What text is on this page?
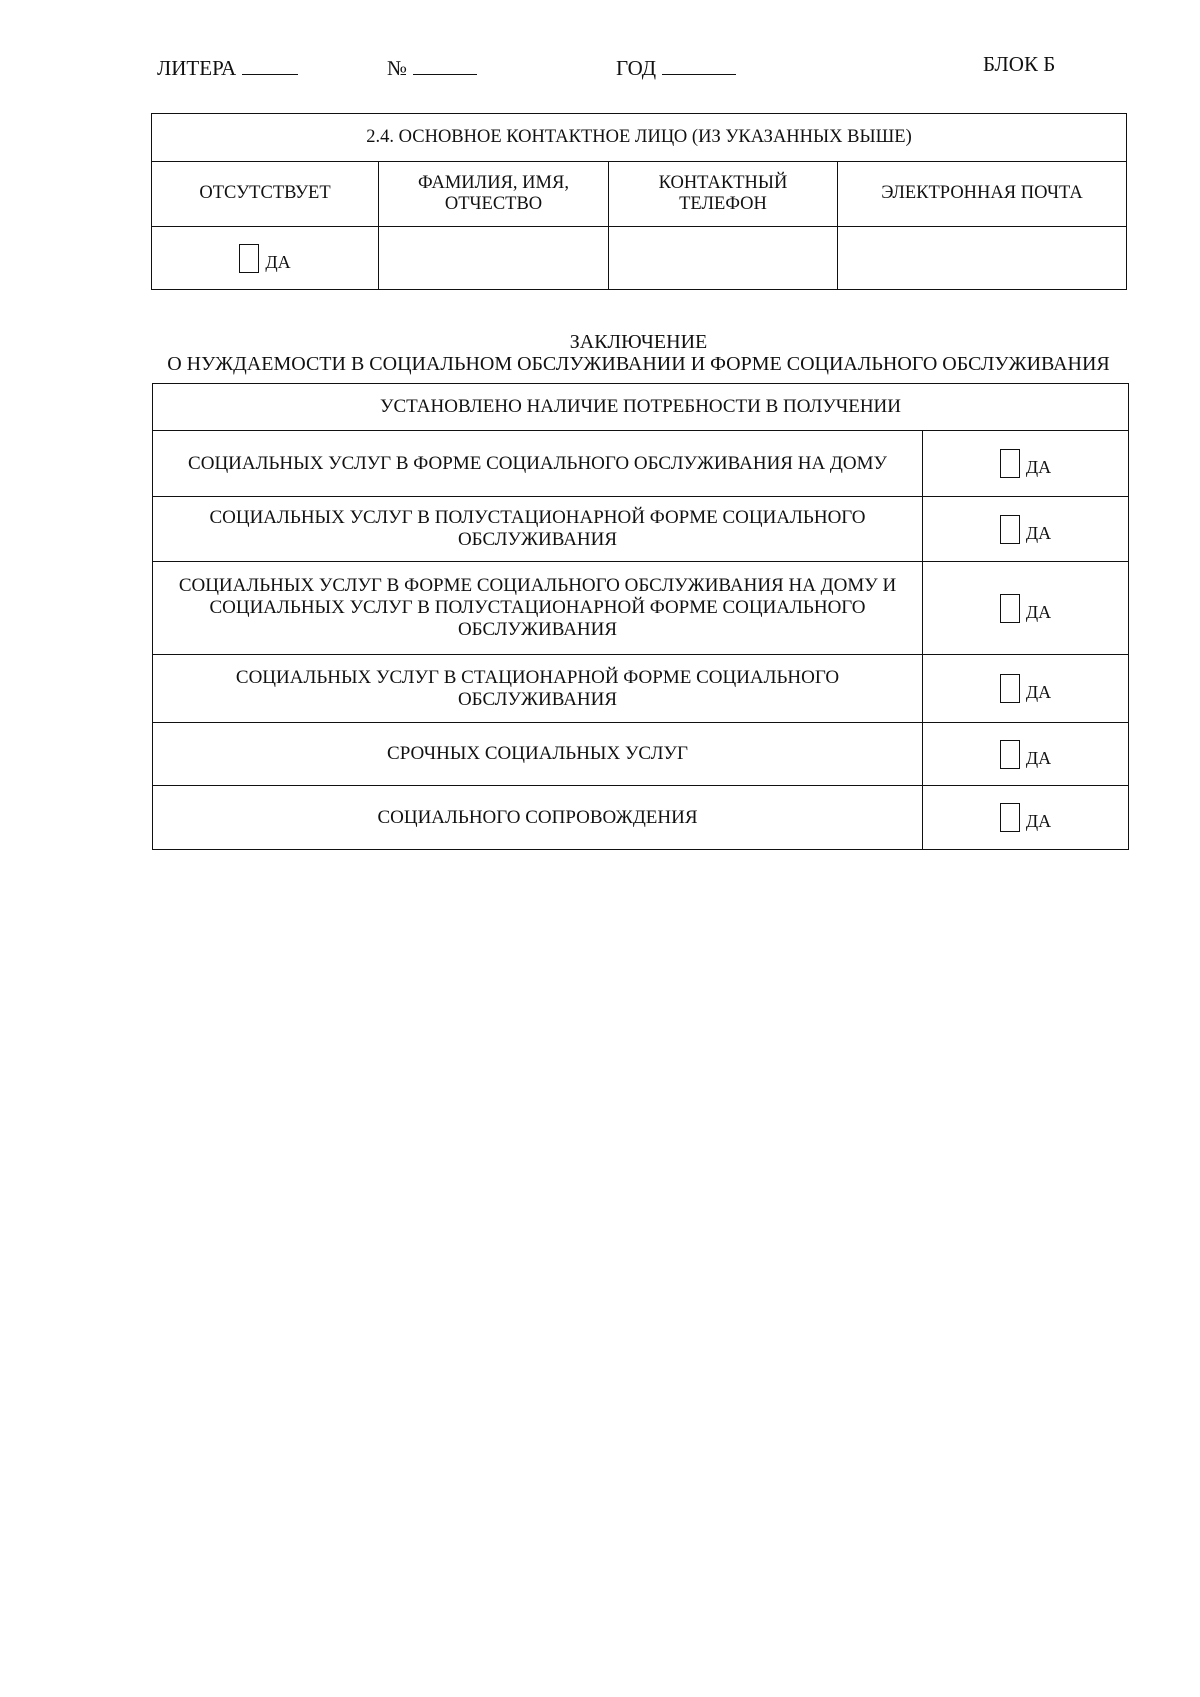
ЛИТЕРА	№	ГОД	БЛОК Б
2.4. ОСНОВНОЕ КОНТАКТНОЕ ЛИЦО (ИЗ УКАЗАННЫХ ВЫШЕ)			
ОТСУТСТВУЕТ	ФАМИЛИЯ, ИМЯ, ОТЧЕСТВО	КОНТАКТНЫЙ ТЕЛЕФОН	ЭЛЕКТРОННАЯ ПОЧТА
ДА			
ЗАКЛЮЧЕНИЕ
О НУЖДАЕМОСТИ В СОЦИАЛЬНОМ ОБСЛУЖИВАНИИ И ФОРМЕ СОЦИАЛЬНОГО ОБСЛУЖИВАНИЯ
УСТАНОВЛЕНО НАЛИЧИЕ ПОТРЕБНОСТИ В ПОЛУЧЕНИИ	
СОЦИАЛЬНЫХ УСЛУГ В ФОРМЕ СОЦИАЛЬНОГО ОБСЛУЖИВАНИЯ НА ДОМУ	ДА
СОЦИАЛЬНЫХ УСЛУГ В ПОЛУСТАЦИОНАРНОЙ ФОРМЕ СОЦИАЛЬНОГО ОБСЛУЖИВАНИЯ	ДА
СОЦИАЛЬНЫХ УСЛУГ В ФОРМЕ СОЦИАЛЬНОГО ОБСЛУЖИВАНИЯ НА ДОМУ И СОЦИАЛЬНЫХ УСЛУГ В ПОЛУСТАЦИОНАРНОЙ ФОРМЕ СОЦИАЛЬНОГО ОБСЛУЖИВАНИЯ	ДА
СОЦИАЛЬНЫХ УСЛУГ В СТАЦИОНАРНОЙ ФОРМЕ СОЦИАЛЬНОГО ОБСЛУЖИВАНИЯ	ДА
СРОЧНЫХ СОЦИАЛЬНЫХ УСЛУГ	ДА
СОЦИАЛЬНОГО СОПРОВОЖДЕНИЯ	ДА
